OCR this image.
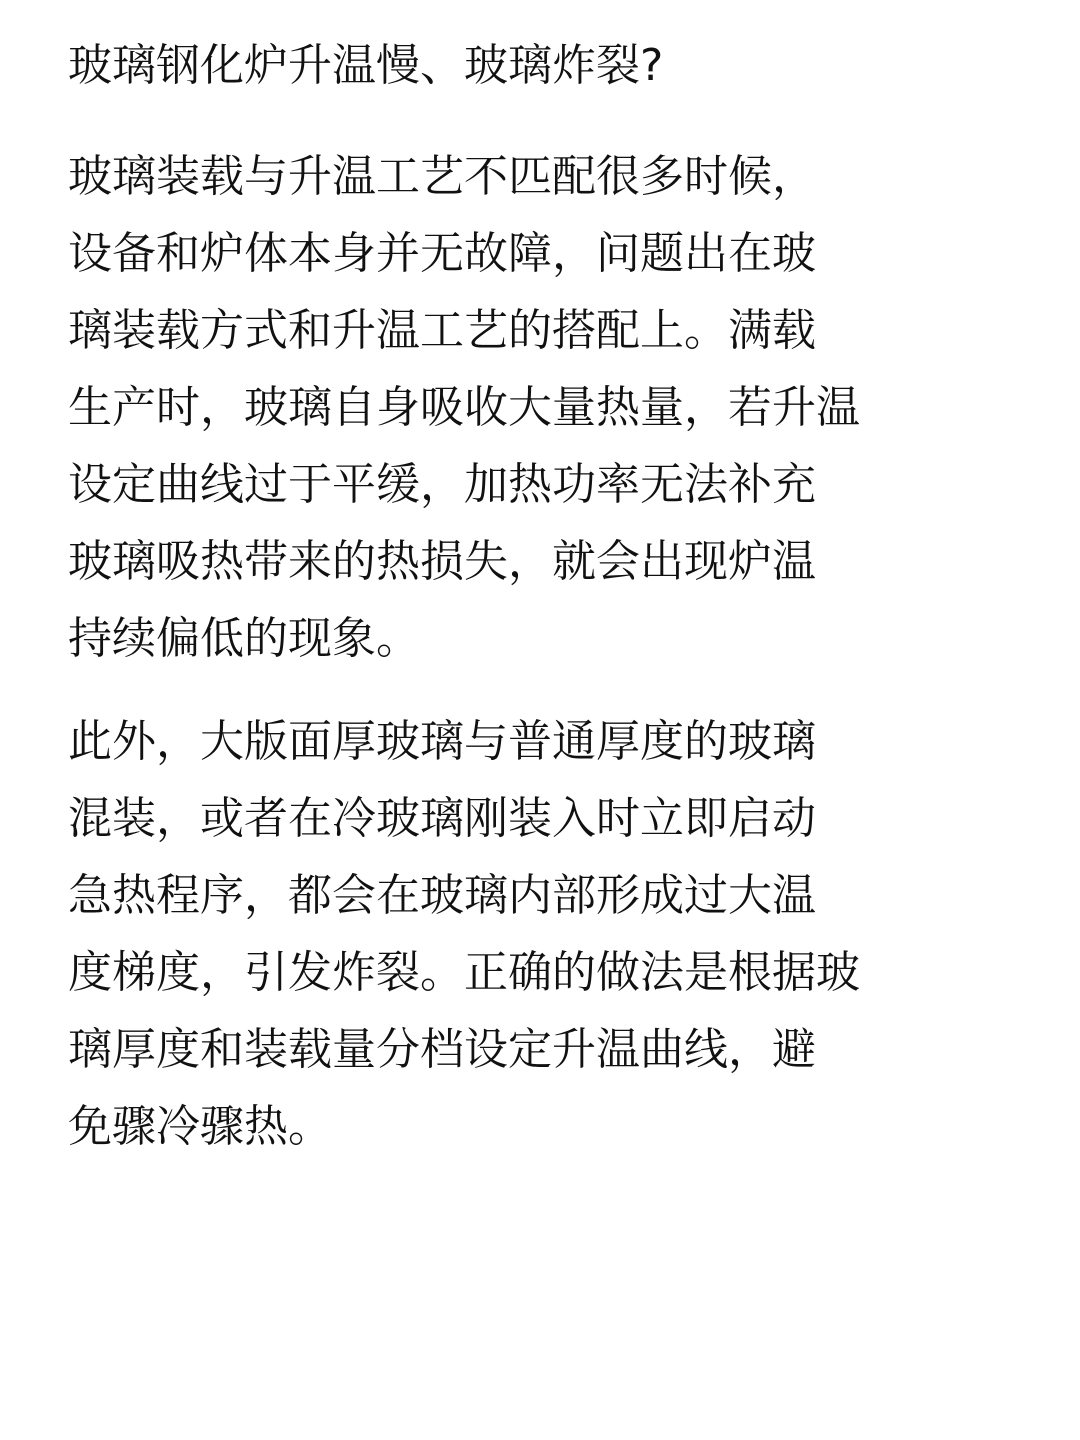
玻璃钢化炉升温慢、玻璃炸裂?
玻璃装载与升温工艺不匹配很多时候，
设备和炉体本身并无故障，问题出在玻
璃装载方式和升温工艺的搭配上。满载
生产时，玻璃自身吸收大量热量，若升温
设定曲线过于平缓，加热功率无法补充
玻璃吸热带来的热损失，就会出现炉温
持续偏低的现象。
此外，大版面厚玻璃与普通厚度的玻璃
混装，或者在冷玻璃刚装入时立即启动
急热程序，都会在玻璃内部形成过大温
度梯度，引发炸裂。正确的做法是根据玻
璃厚度和装载量分档设定升温曲线，避
免骤冷骤热。
